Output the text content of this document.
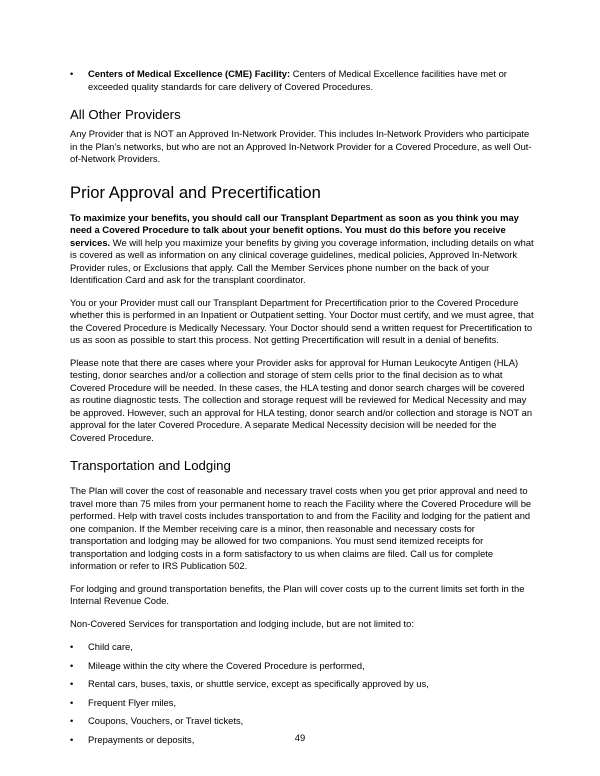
• Centers of Medical Excellence (CME) Facility: Centers of Medical Excellence facilities have met or exceeded quality standards for care delivery of Covered Procedures.
All Other Providers

Any Provider that is NOT an Approved In-Network Provider. This includes In-Network Providers who participate in the Plan’s networks, but who are not an Approved In-Network Provider for a Covered Procedure, as well Out-of-Network Providers.

Prior Approval and Precertification

To maximize your benefits, you should call our Transplant Department as soon as you think you may need a Covered Procedure to talk about your benefit options. You must do this before you receive services. We will help you maximize your benefits by giving you coverage information, including details on what is covered as well as information on any clinical coverage guidelines, medical policies, Approved In-Network Provider rules, or Exclusions that apply. Call the Member Services phone number on the back of your Identification Card and ask for the transplant coordinator.

You or your Provider must call our Transplant Department for Precertification prior to the Covered Procedure whether this is performed in an Inpatient or Outpatient setting. Your Doctor must certify, and we must agree, that the Covered Procedure is Medically Necessary. Your Doctor should send a written request for Precertification to us as soon as possible to start this process. Not getting Precertification will result in a denial of benefits.

Please note that there are cases where your Provider asks for approval for Human Leukocyte Antigen (HLA) testing, donor searches and/or a collection and storage of stem cells prior to the final decision as to what Covered Procedure will be needed. In these cases, the HLA testing and donor search charges will be covered as routine diagnostic tests. The collection and storage request will be reviewed for Medical Necessity and may be approved. However, such an approval for HLA testing, donor search and/or collection and storage is NOT an approval for the later Covered Procedure. A separate Medical Necessity decision will be needed for the Covered Procedure.

Transportation and Lodging

The Plan will cover the cost of reasonable and necessary travel costs when you get prior approval and need to travel more than 75 miles from your permanent home to reach the Facility where the Covered Procedure will be performed. Help with travel costs includes transportation to and from the Facility and lodging for the patient and one companion. If the Member receiving care is a minor, then reasonable and necessary costs for transportation and lodging may be allowed for two companions. You must send itemized receipts for transportation and lodging costs in a form satisfactory to us when claims are filed. Call us for complete information or refer to IRS Publication 502.

For lodging and ground transportation benefits, the Plan will cover costs up to the current limits set forth in the Internal Revenue Code.

Non-Covered Services for transportation and lodging include, but are not limited to:

• Child care,
• Mileage within the city where the Covered Procedure is performed,
• Rental cars, buses, taxis, or shuttle service, except as specifically approved by us,
• Frequent Flyer miles,
• Coupons, Vouchers, or Travel tickets,
• Prepayments or deposits,	49
